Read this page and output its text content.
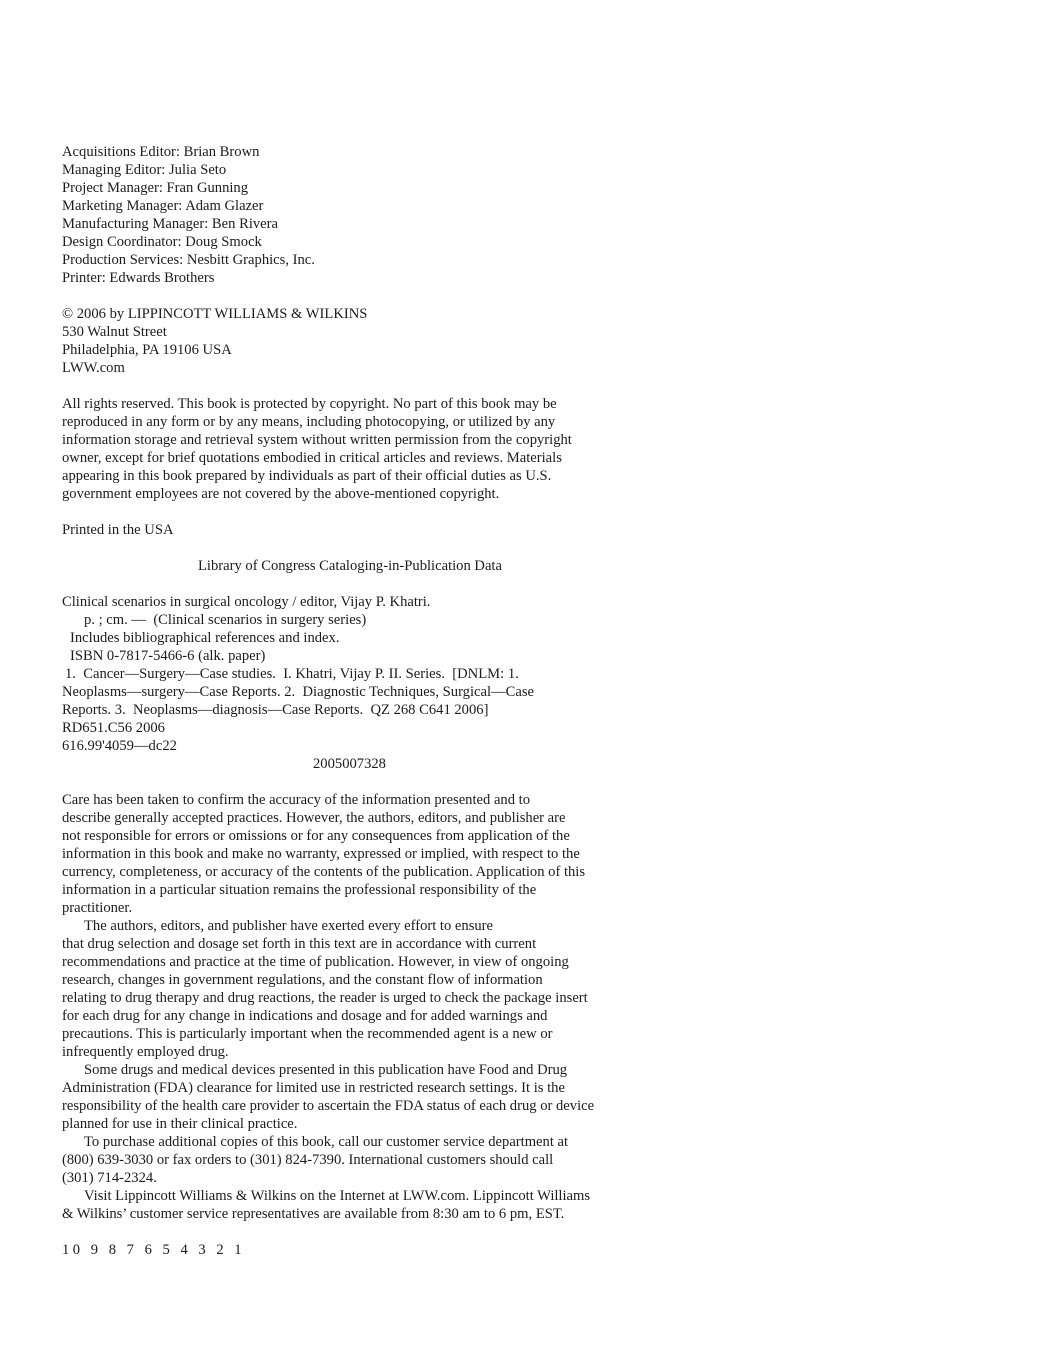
Acquisitions Editor: Brian Brown
Managing Editor: Julia Seto
Project Manager: Fran Gunning
Marketing Manager: Adam Glazer
Manufacturing Manager: Ben Rivera
Design Coordinator: Doug Smock
Production Services: Nesbitt Graphics, Inc.
Printer: Edwards Brothers
© 2006 by LIPPINCOTT WILLIAMS & WILKINS
530 Walnut Street
Philadelphia, PA 19106 USA
LWW.com
All rights reserved. This book is protected by copyright. No part of this book may be
reproduced in any form or by any means, including photocopying, or utilized by any
information storage and retrieval system without written permission from the copyright
owner, except for brief quotations embodied in critical articles and reviews. Materials
appearing in this book prepared by individuals as part of their official duties as U.S.
government employees are not covered by the above-mentioned copyright.
Printed in the USA
Library of Congress Cataloging-in-Publication Data
Clinical scenarios in surgical oncology / editor, Vijay P. Khatri.
p. ; cm. —  (Clinical scenarios in surgery series)
Includes bibliographical references and index.
ISBN 0-7817-5466-6 (alk. paper)
1.  Cancer—Surgery—Case studies.  I. Khatri, Vijay P. II. Series.  [DNLM: 1.
Neoplasms—surgery—Case Reports. 2.  Diagnostic Techniques, Surgical—Case
Reports. 3.  Neoplasms—diagnosis—Case Reports.  QZ 268 C641 2006]
RD651.C56 2006
616.99'4059—dc22
2005007328
Care has been taken to confirm the accuracy of the information presented and to
describe generally accepted practices. However, the authors, editors, and publisher are
not responsible for errors or omissions or for any consequences from application of the
information in this book and make no warranty, expressed or implied, with respect to the
currency, completeness, or accuracy of the contents of the publication. Application of this
information in a particular situation remains the professional responsibility of the
practitioner.
The authors, editors, and publisher have exerted every effort to ensure
that drug selection and dosage set forth in this text are in accordance with current
recommendations and practice at the time of publication. However, in view of ongoing
research, changes in government regulations, and the constant flow of information
relating to drug therapy and drug reactions, the reader is urged to check the package insert
for each drug for any change in indications and dosage and for added warnings and
precautions. This is particularly important when the recommended agent is a new or
infrequently employed drug.
Some drugs and medical devices presented in this publication have Food and Drug
Administration (FDA) clearance for limited use in restricted research settings. It is the
responsibility of the health care provider to ascertain the FDA status of each drug or device
planned for use in their clinical practice.
To purchase additional copies of this book, call our customer service department at
(800) 639-3030 or fax orders to (301) 824-7390. International customers should call
(301) 714-2324.
Visit Lippincott Williams & Wilkins on the Internet at LWW.com. Lippincott Williams
& Wilkins’ customer service representatives are available from 8:30 am to 6 pm, EST.
10 9 8 7 6 5 4 3 2 1
